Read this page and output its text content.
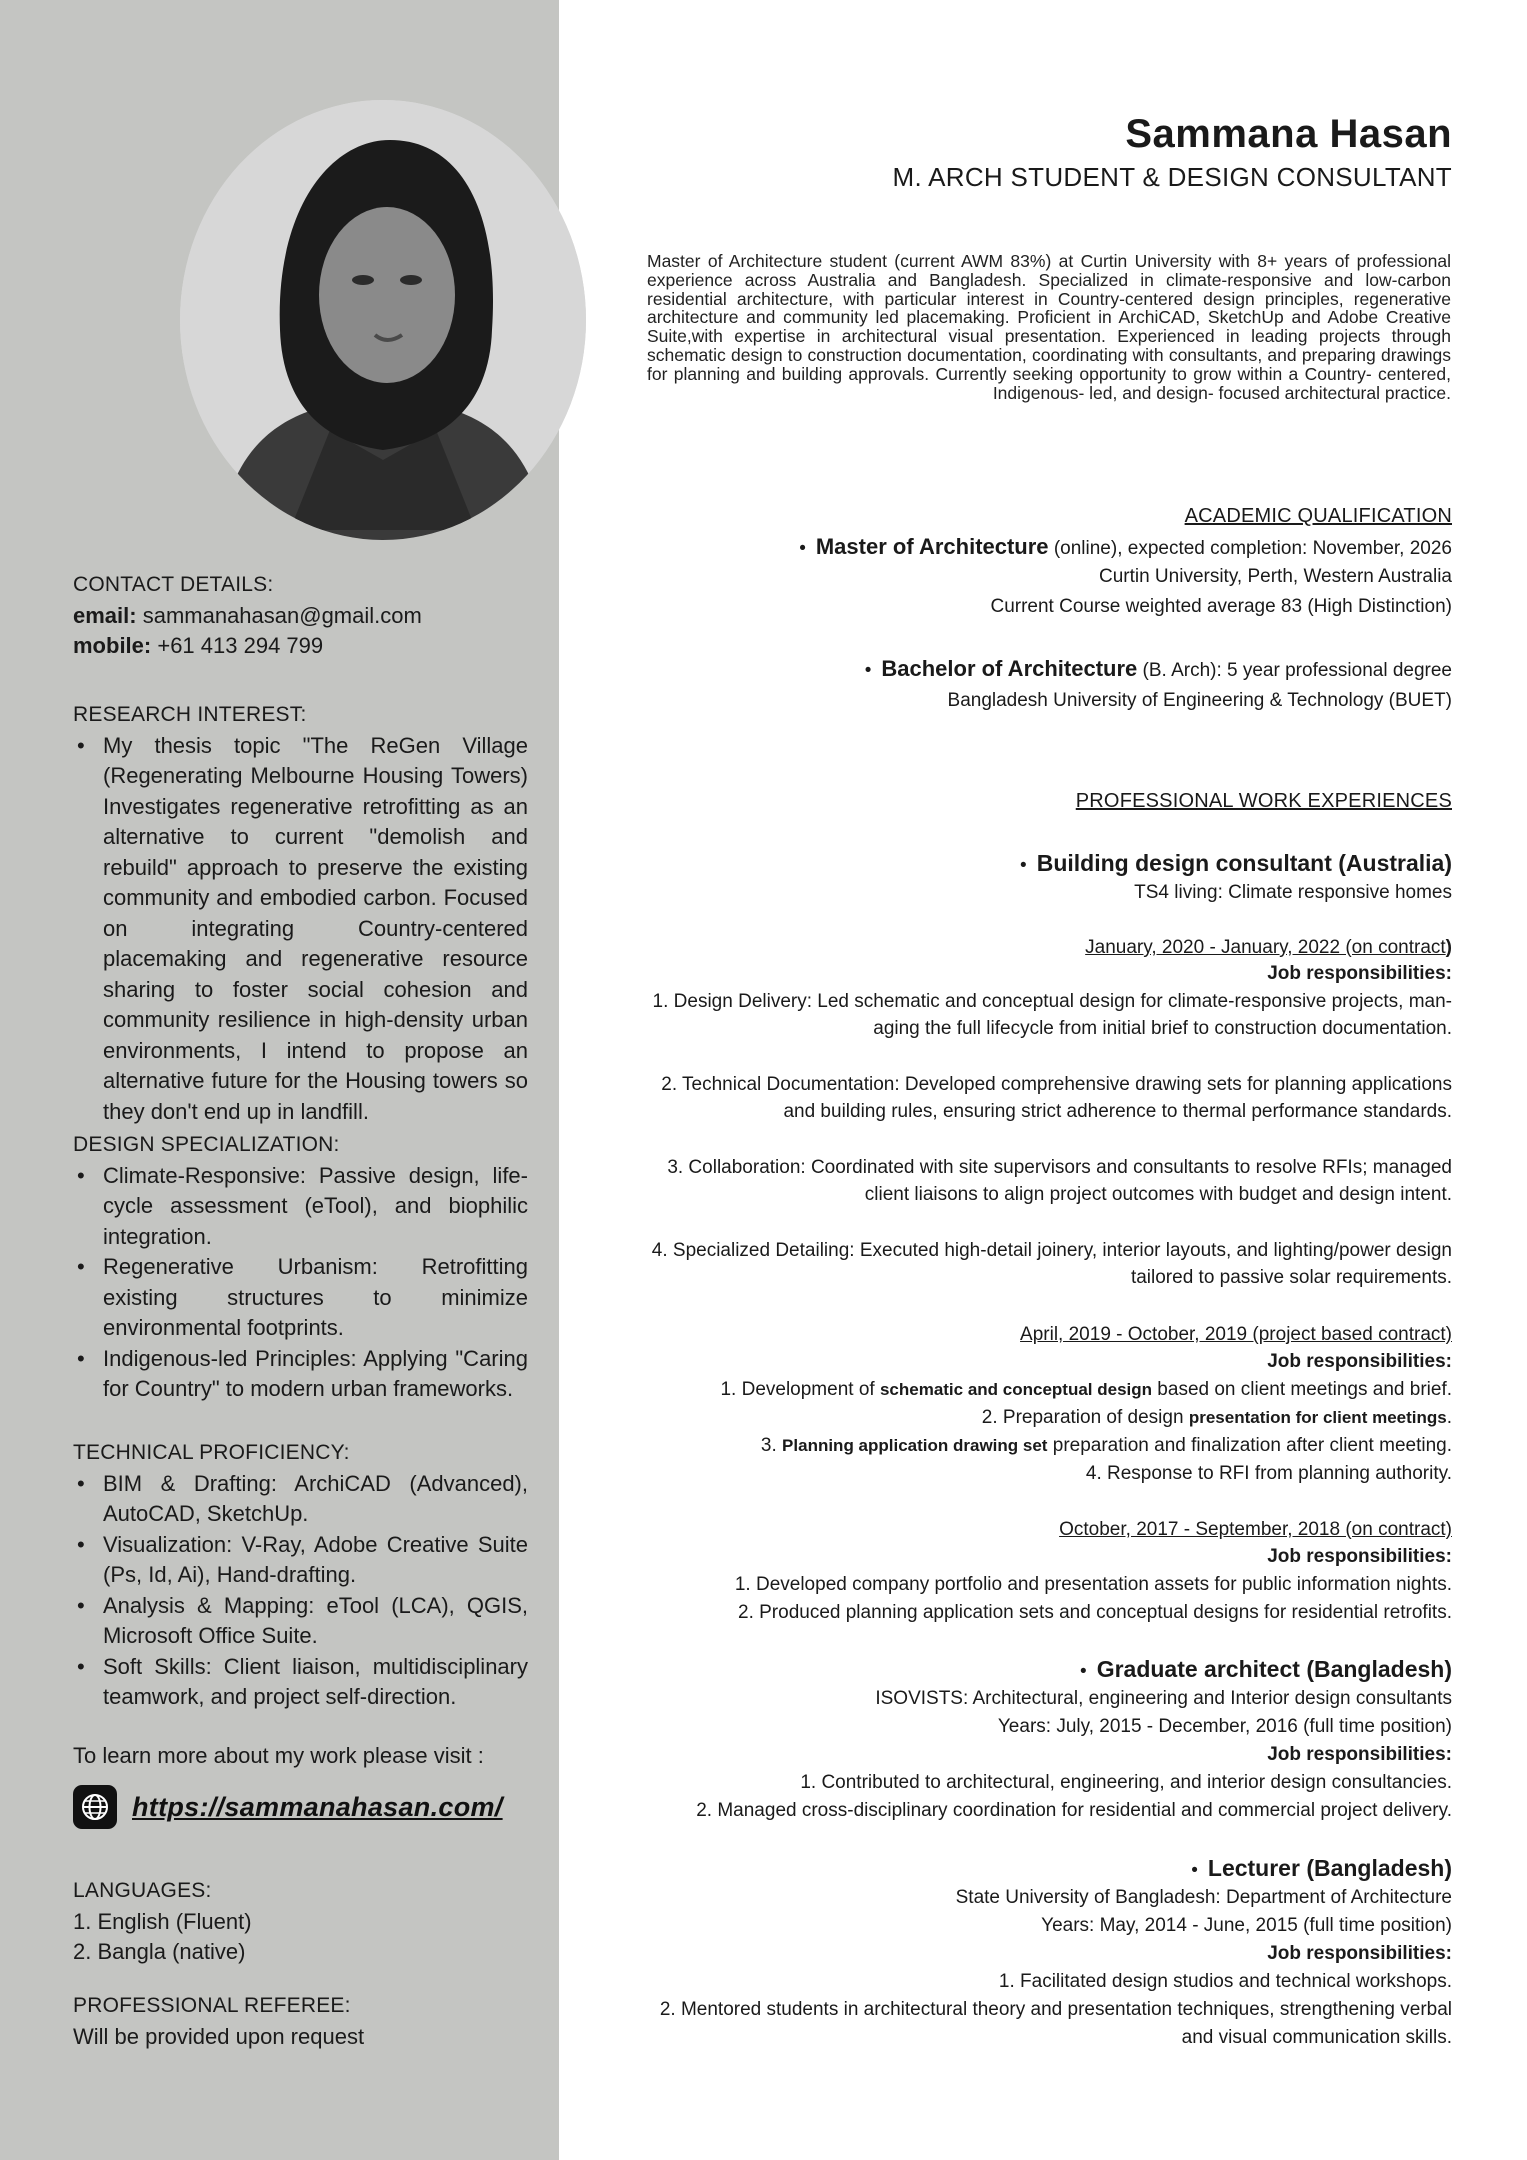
CONTACT DETAILS:

email: sammanahasan@gmail.com

mobile: +61 413 294 799

RESEARCH INTEREST:
• My thesis topic "The ReGen Village (Regenerating Melbourne Housing Towers) Investigates regenerative retrofitting as an alternative to current "demolish and rebuild" approach to preserve the existing community and embodied carbon. Focused on integrating Country-centered placemaking and regenerative resource sharing to foster social cohesion and community resilience in high-density urban environments, I intend to propose an alternative future for the Housing towers so they don't end up in landfill.
DESIGN SPECIALIZATION:
• Climate-Responsive: Passive design, life-cycle assessment (eTool), and biophilic integration.
• Regenerative Urbanism: Retrofitting existing structures to minimize environmental footprints.
• Indigenous-led Principles: Applying "Caring for Country" to modern urban frameworks.
TECHNICAL PROFICIENCY:
• BIM & Drafting: ArchiCAD (Advanced), AutoCAD, SketchUp.
• Visualization: V-Ray, Adobe Creative Suite (Ps, Id, Ai), Hand-drafting.
• Analysis & Mapping: eTool (LCA), QGIS, Microsoft Office Suite.
• Soft Skills: Client liaison, multidisciplinary teamwork, and project self-direction.

To learn more about my work please visit :

https://sammanahasan.com/
LANGUAGES:

1. English (Fluent)

2. Bangla (native)

PROFESSIONAL REFEREE:

Will be provided upon request

Sammana Hasan
M. ARCH STUDENT & DESIGN CONSULTANT
Master of Architecture student (current AWM 83%) at Curtin University with 8+ years of professional experience across Australia and Bangladesh. Specialized in climate-responsive and low-carbon residential architecture, with particular interest in Country-centered design principles, regenerative architecture and community led placemaking. Proficient in ArchiCAD, SketchUp and Adobe Creative Suite,with expertise in architectural visual presentation. Experienced in leading projects through schematic design to construction documentation, coordinating with consultants, and preparing drawings for planning and building approvals. Currently seeking opportunity to grow within a Country- centered, Indigenous- led, and design- focused architectural practice.
ACADEMIC QUALIFICATION
• Master of Architecture (online), expected completion: November, 2026
Curtin University, Perth, Western Australia
Current Course weighted average 83 (High Distinction)
• Bachelor of Architecture (B. Arch): 5 year professional degree
Bangladesh University of Engineering & Technology (BUET)
PROFESSIONAL WORK EXPERIENCES
• Building design consultant (Australia)
TS4 living: Climate responsive homes
January, 2020 - January, 2022 (on contract)
Job responsibilities:
1. Design Delivery: Led schematic and conceptual design for climate-responsive projects, man-
aging the full lifecycle from initial brief to construction documentation.
2. Technical Documentation: Developed comprehensive drawing sets for planning applications
and building rules, ensuring strict adherence to thermal performance standards.
3. Collaboration: Coordinated with site supervisors and consultants to resolve RFIs; managed
client liaisons to align project outcomes with budget and design intent.
4. Specialized Detailing: Executed high-detail joinery, interior layouts, and lighting/power design
tailored to passive solar requirements.
April, 2019 - October, 2019 (project based contract)
Job responsibilities:
1. Development of schematic and conceptual design based on client meetings and brief.
2. Preparation of design presentation for client meetings.
3. Planning application drawing set preparation and finalization after client meeting.
4. Response to RFI from planning authority.
October, 2017 - September, 2018 (on contract)
Job responsibilities:
1. Developed company portfolio and presentation assets for public information nights.
2. Produced planning application sets and conceptual designs for residential retrofits.
• Graduate architect (Bangladesh)
ISOVISTS: Architectural, engineering and Interior design consultants
Years: July, 2015 - December, 2016 (full time position)
Job responsibilities:
1. Contributed to architectural, engineering, and interior design consultancies.
2. Managed cross-disciplinary coordination for residential and commercial project delivery.
• Lecturer (Bangladesh)
State University of Bangladesh: Department of Architecture
Years: May, 2014 - June, 2015 (full time position)
Job responsibilities:
1. Facilitated design studios and technical workshops.
2. Mentored students in architectural theory and presentation techniques, strengthening verbal
and visual communication skills.
